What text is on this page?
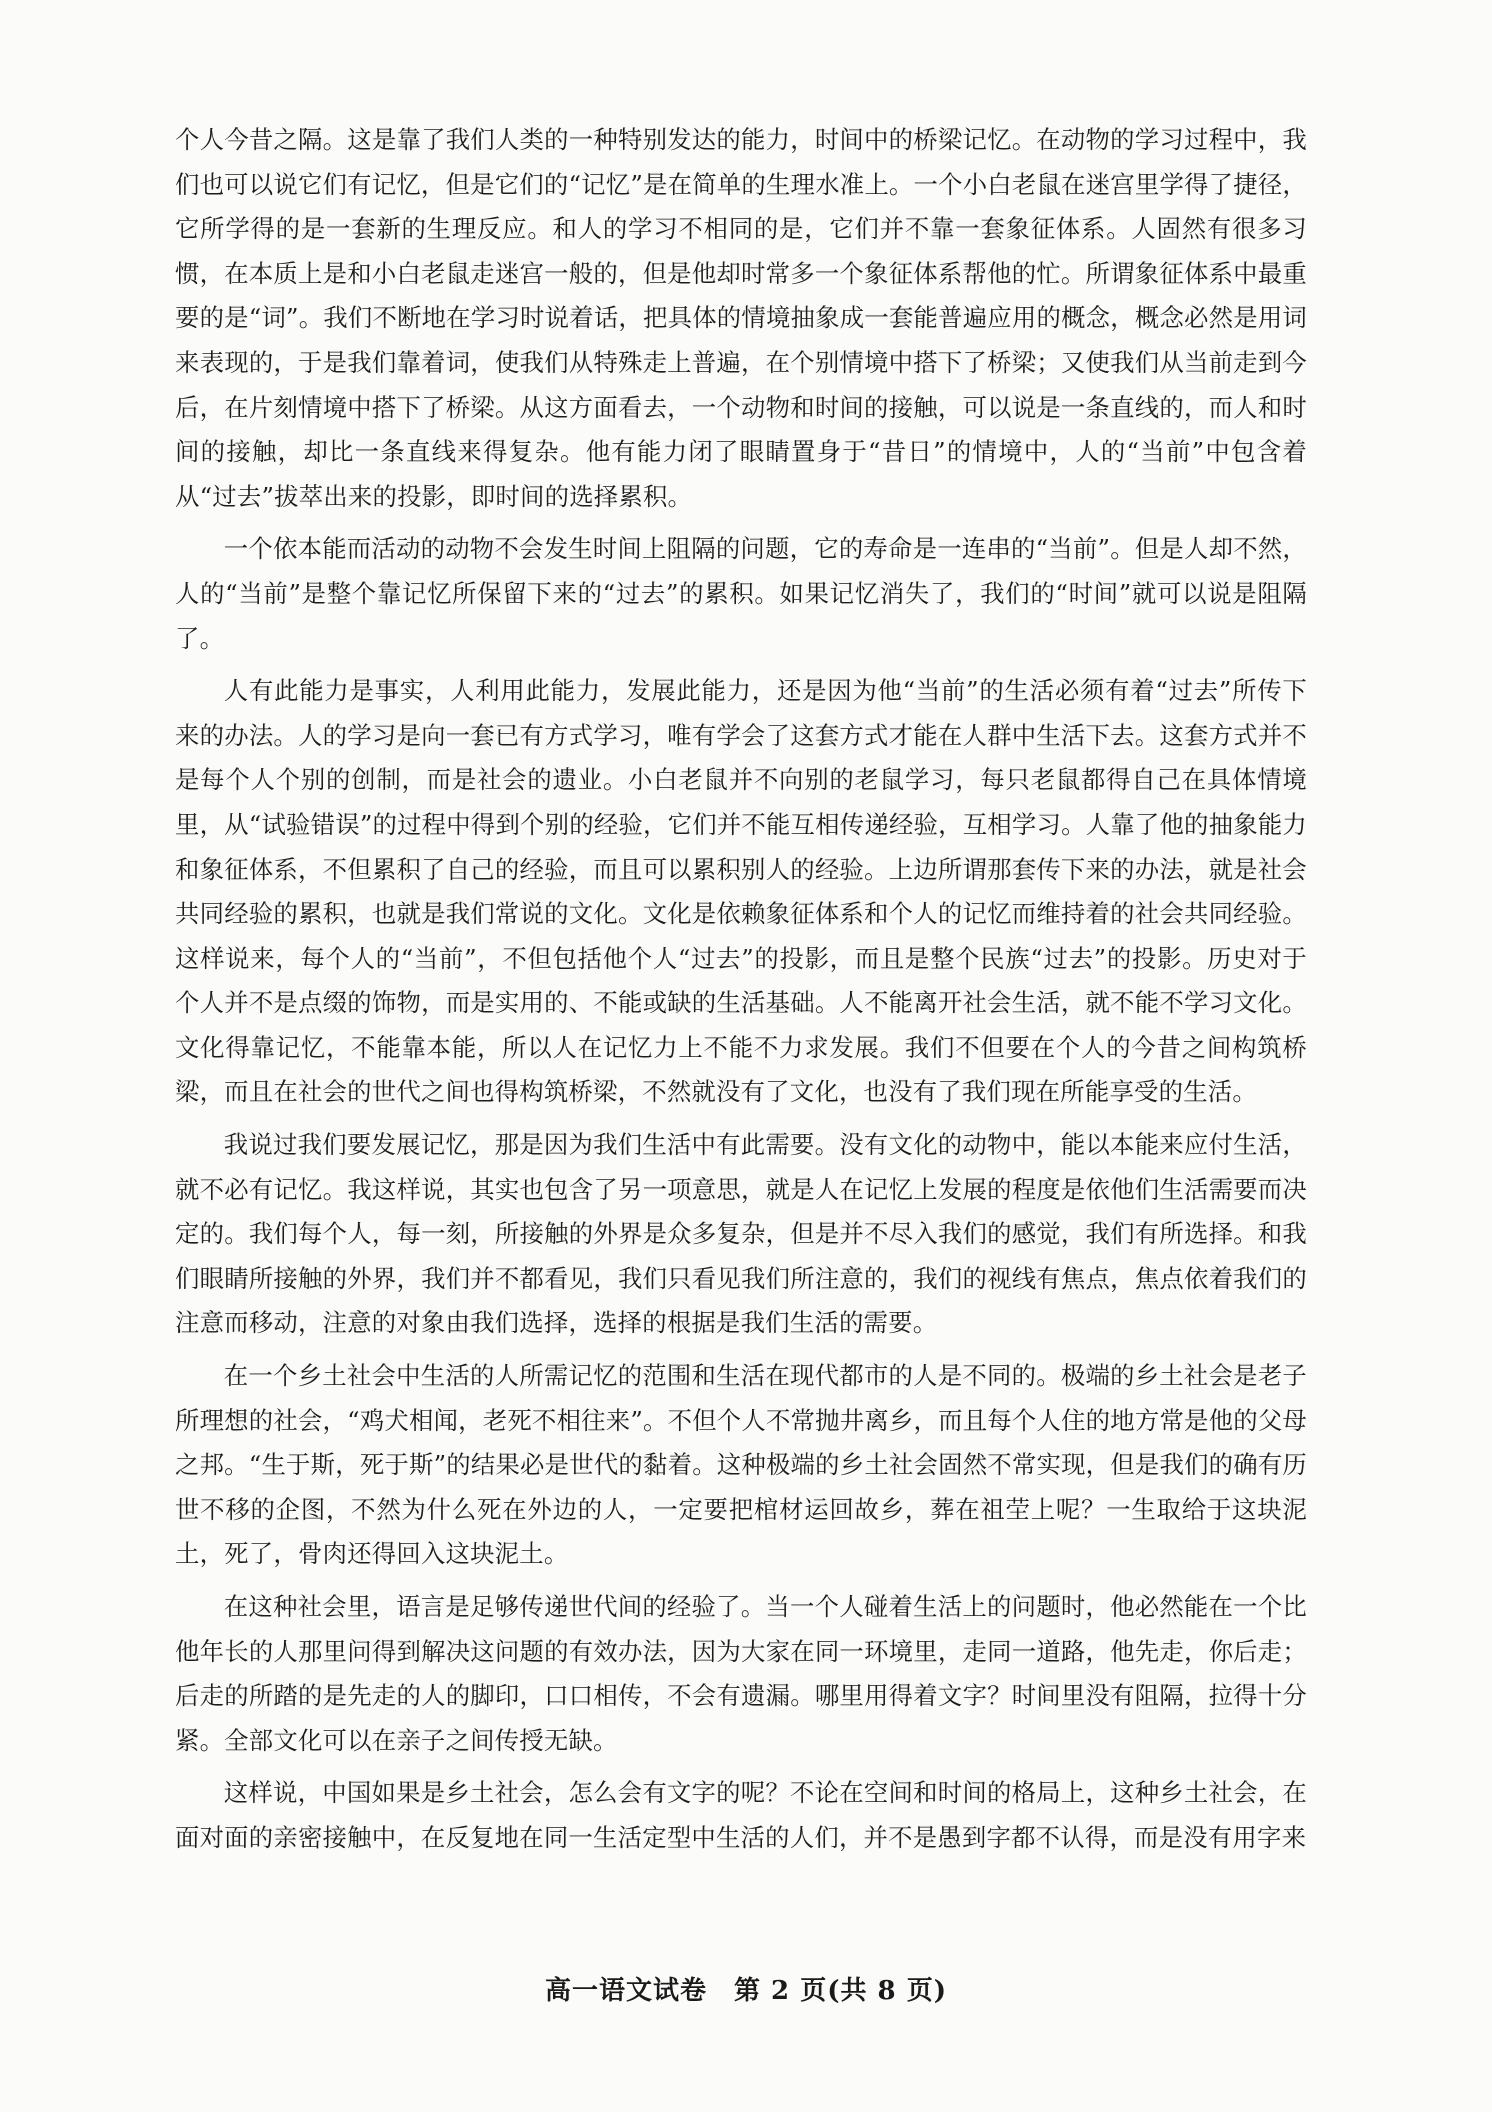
个人今昔之隔。这是靠了我们人类的一种特别发达的能力，时间中的桥梁记忆。在动物的学习过程中，我们也可以说它们有记忆，但是它们的“记忆”是在简单的生理水准上。一个小白老鼠在迷宫里学得了捷径，它所学得的是一套新的生理反应。和人的学习不相同的是，它们并不靠一套象征体系。人固然有很多习惯，在本质上是和小白老鼠走迷宫一般的，但是他却时常多一个象征体系帮他的忙。所谓象征体系中最重要的是“词”。我们不断地在学习时说着话，把具体的情境抽象成一套能普遍应用的概念，概念必然是用词来表现的，于是我们靠着词，使我们从特殊走上普遍，在个别情境中搭下了桥梁；又使我们从当前走到今后，在片刻情境中搭下了桥梁。从这方面看去，一个动物和时间的接触，可以说是一条直线的，而人和时间的接触，却比一条直线来得复杂。他有能力闭了眼睛置身于“昔日”的情境中，人的“当前”中包含着从“过去”拔萃出来的投影，即时间的选择累积。

一个依本能而活动的动物不会发生时间上阻隔的问题，它的寿命是一连串的“当前”。但是人却不然，人的“当前”是整个靠记忆所保留下来的“过去”的累积。如果记忆消失了，我们的“时间”就可以说是阻隔了。

人有此能力是事实，人利用此能力，发展此能力，还是因为他“当前”的生活必须有着“过去”所传下来的办法。人的学习是向一套已有方式学习，唯有学会了这套方式才能在人群中生活下去。这套方式并不是每个人个别的创制，而是社会的遗业。小白老鼠并不向别的老鼠学习，每只老鼠都得自己在具体情境里，从“试验错误”的过程中得到个别的经验，它们并不能互相传递经验，互相学习。人靠了他的抽象能力和象征体系，不但累积了自己的经验，而且可以累积别人的经验。上边所谓那套传下来的办法，就是社会共同经验的累积，也就是我们常说的文化。文化是依赖象征体系和个人的记忆而维持着的社会共同经验。这样说来，每个人的“当前”，不但包括他个人“过去”的投影，而且是整个民族“过去”的投影。历史对于个人并不是点缀的饰物，而是实用的、不能或缺的生活基础。人不能离开社会生活，就不能不学习文化。文化得靠记忆，不能靠本能，所以人在记忆力上不能不力求发展。我们不但要在个人的今昔之间构筑桥梁，而且在社会的世代之间也得构筑桥梁，不然就没有了文化，也没有了我们现在所能享受的生活。

我说过我们要发展记忆，那是因为我们生活中有此需要。没有文化的动物中，能以本能来应付生活，就不必有记忆。我这样说，其实也包含了另一项意思，就是人在记忆上发展的程度是依他们生活需要而决定的。我们每个人，每一刻，所接触的外界是众多复杂，但是并不尽入我们的感觉，我们有所选择。和我们眼睛所接触的外界，我们并不都看见，我们只看见我们所注意的，我们的视线有焦点，焦点依着我们的注意而移动，注意的对象由我们选择，选择的根据是我们生活的需要。

在一个乡土社会中生活的人所需记忆的范围和生活在现代都市的人是不同的。极端的乡土社会是老子所理想的社会，“鸡犬相闻，老死不相往来”。不但个人不常抛井离乡，而且每个人住的地方常是他的父母之邦。“生于斯，死于斯”的结果必是世代的黏着。这种极端的乡土社会固然不常实现，但是我们的确有历世不移的企图，不然为什么死在外边的人，一定要把棺材运回故乡，葬在祖茔上呢？一生取给于这块泥土，死了，骨肉还得回入这块泥土。

在这种社会里，语言是足够传递世代间的经验了。当一个人碰着生活上的问题时，他必然能在一个比他年长的人那里问得到解决这问题的有效办法，因为大家在同一环境里，走同一道路，他先走，你后走；后走的所踏的是先走的人的脚印，口口相传，不会有遗漏。哪里用得着文字？时间里没有阻隔，拉得十分紧。全部文化可以在亲子之间传授无缺。

这样说，中国如果是乡土社会，怎么会有文字的呢？不论在空间和时间的格局上，这种乡土社会，在面对面的亲密接触中，在反复地在同一生活定型中生活的人们，并不是愚到字都不认得，而是没有用字来

高一语文试卷　第 2 页(共 8 页)
